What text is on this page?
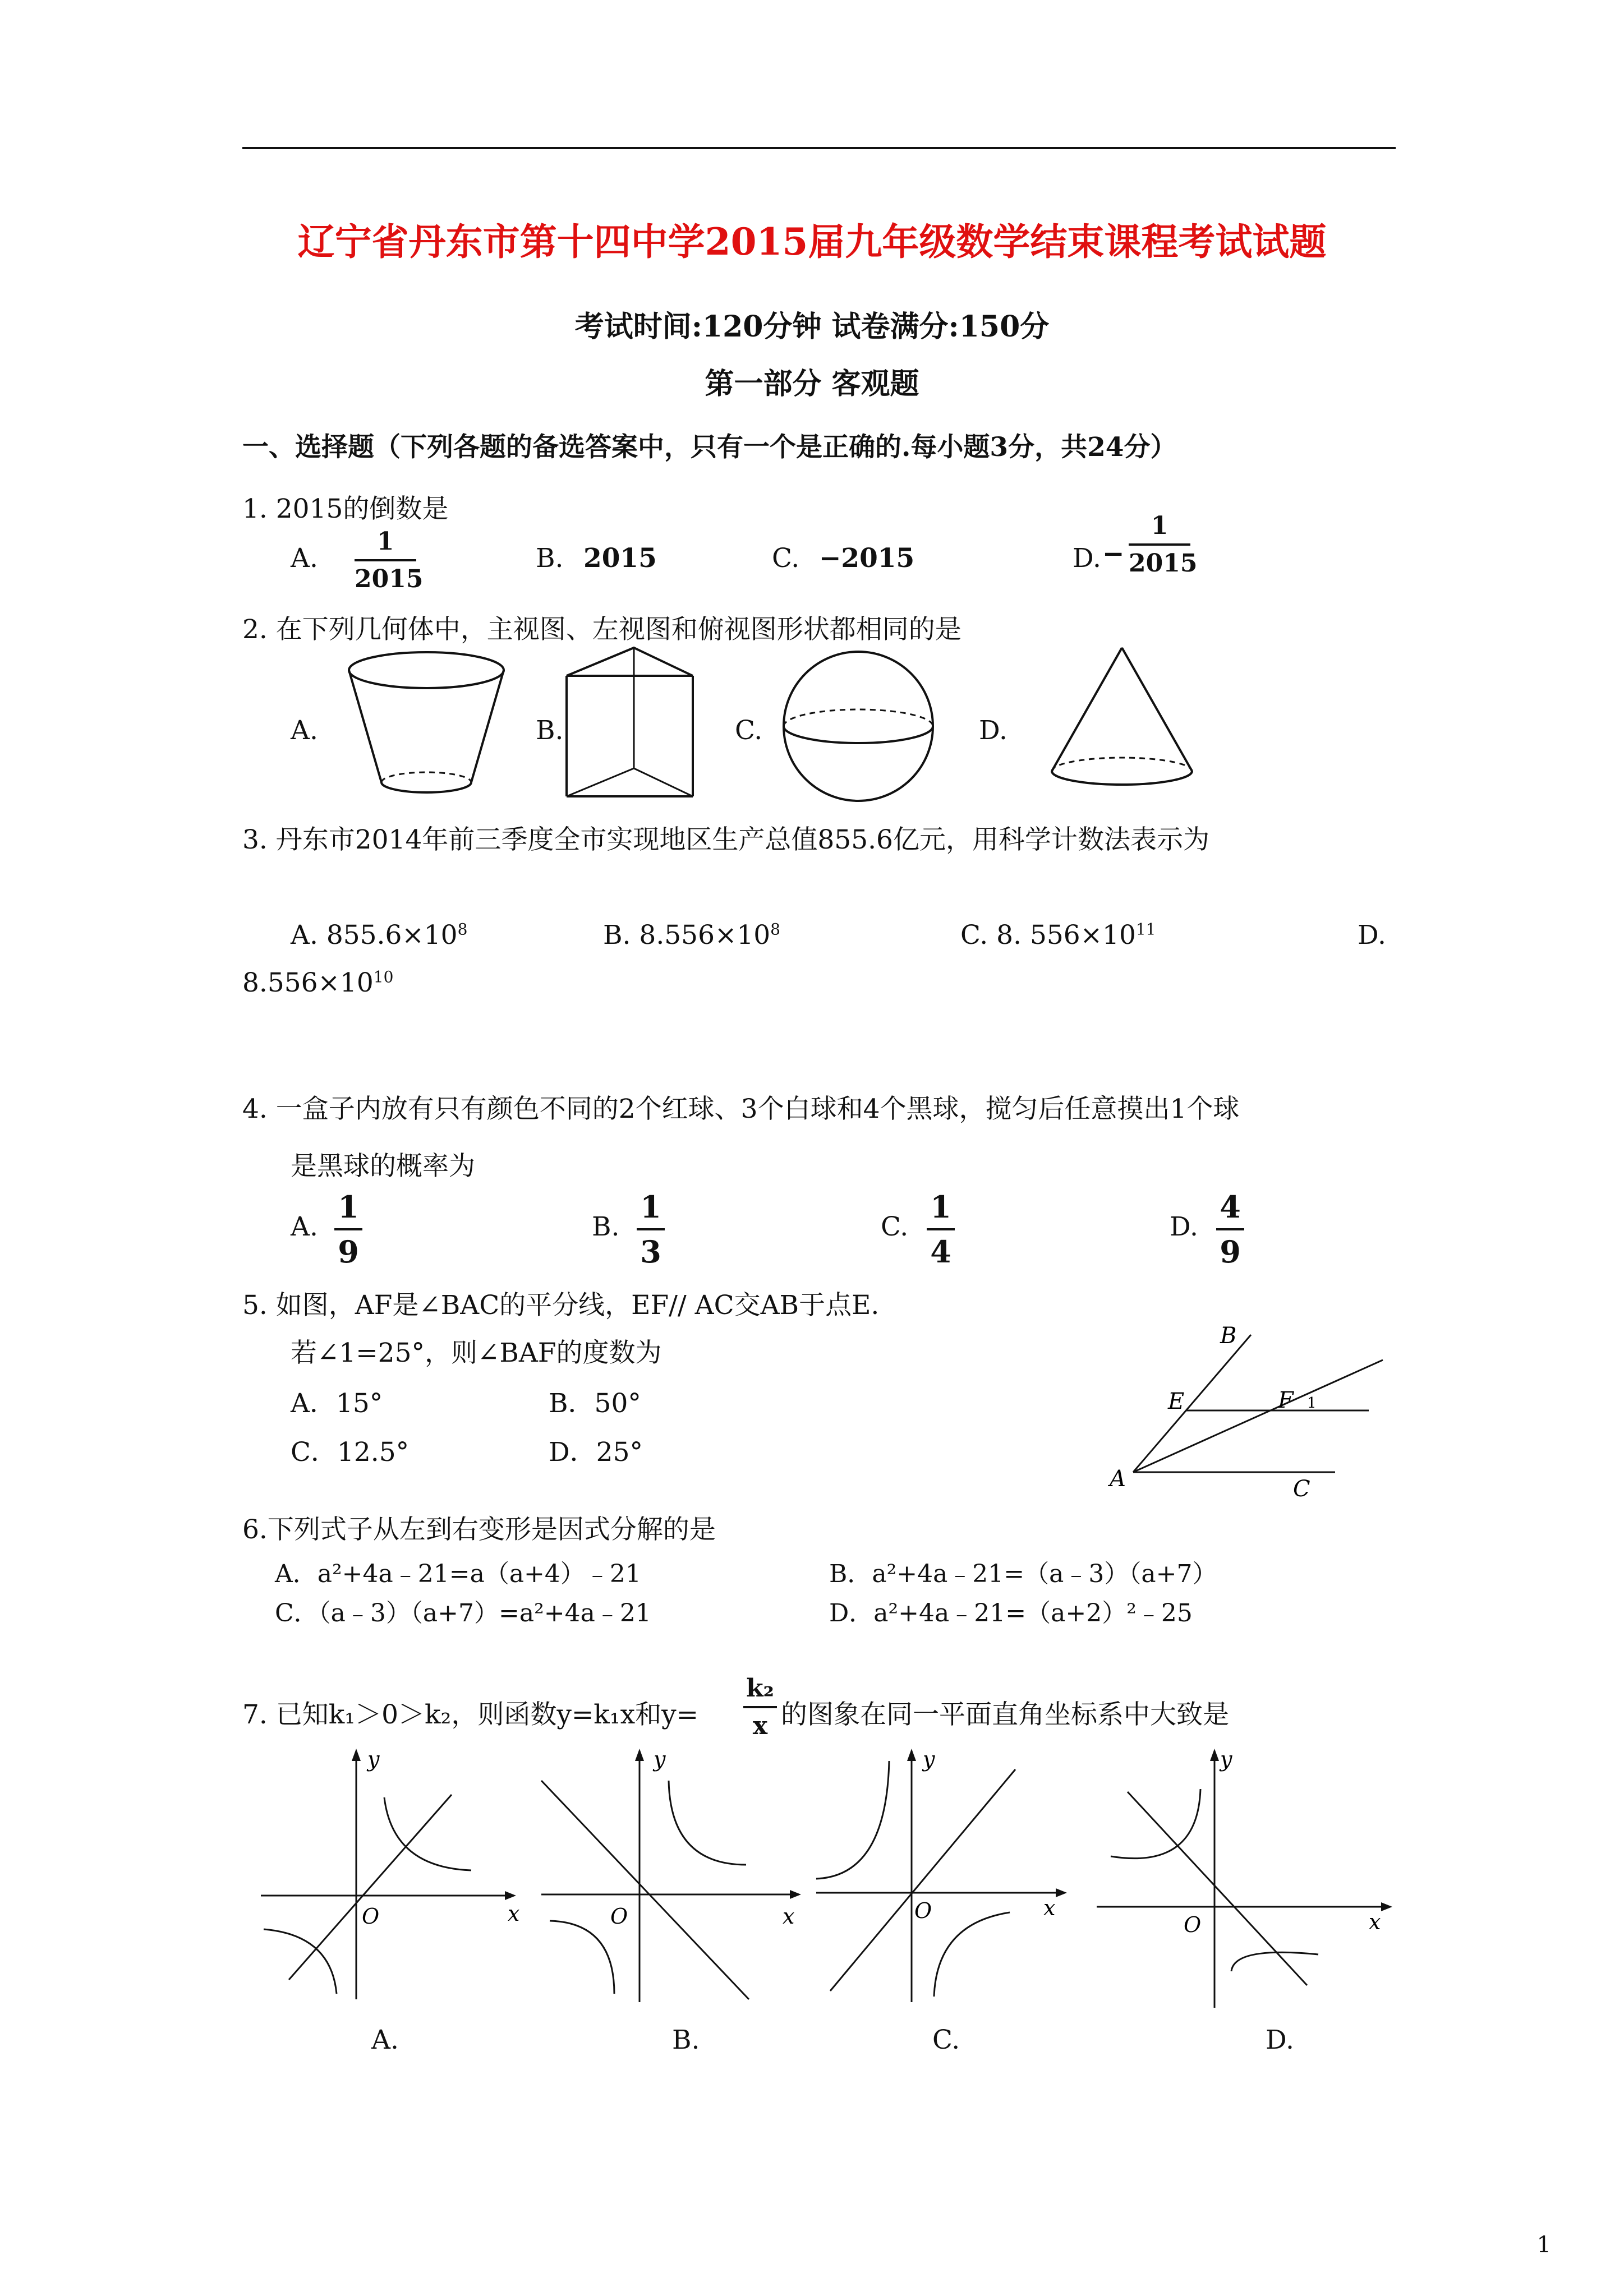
辽宁省丹东市第十四中学2015届九年级数学结束课程考试试题
考试时间:120分钟 试卷满分:150分
第一部分 客观题
一、选择题（下列各题的备选答案中，只有一个是正确的.每小题3分，共24分）
1. 2015的倒数是
A.
1
2015
B. 2015	C. −2015	D. −
1
2015
2. 在下列几何体中，主视图、左视图和俯视图形状都相同的是
A.	B.	C.	D.
3. 丹东市2014年前三季度全市实现地区生产总值855.6亿元，用科学计数法表示为
A. $855.6\times 10^8$	B. $8.556\times 10^8$	C. 8. $556\times 10^{11}$	D.
$8.556\times 10^{10}$
4. 一盒子内放有只有颜色不同的2个红球、3个白球和4个黑球，搅匀后任意摸出1个球
是黑球的概率为
A.
1
9
B.
1
3
C.
1
4
D.
4
9
5. 如图，AF是∠BAC的平分线，EF// AC交AB于点E.
若∠1=25°，则∠BAF的度数为
A．15°	B．50°
C．12.5°	D．25°
B
E	F 1
A	C
6.下列式子从左到右变形是因式分解的是
A．a²+4a﹣21=a（a+4）﹣21	B．a²+4a﹣21=（a﹣3）（a+7）
C．（a﹣3）（a+7）=a²+4a﹣21	D．a²+4a﹣21=（a+2）²﹣25
7. 已知k₁＞0＞k₂，则函数y=k₁x和y=
k₂
x 的图象在同一平面直角坐标系中大致是
y
x
O
y
x
O
y
x
O
y
x
O
A.	B.	C.	D.
1
